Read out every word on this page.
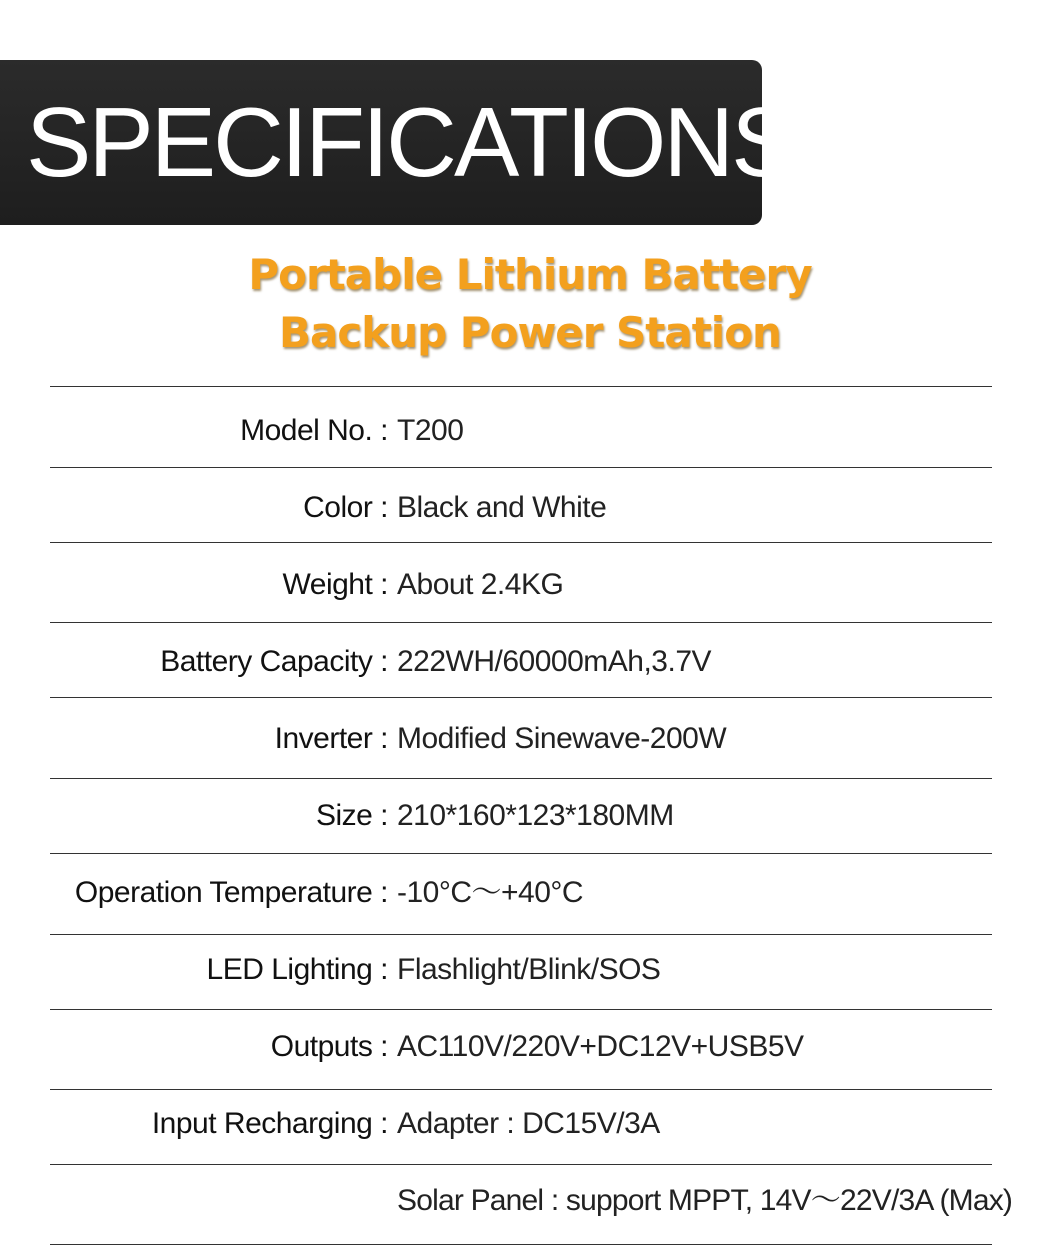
SPECIFICATIONS
Portable Lithium Battery
Backup Power Station
Model No. : T200
Color : Black and White
Weight : About 2.4KG
Battery Capacity : 222WH/60000mAh,3.7V
Inverter : Modified Sinewave-200W
Size : 210*160*123*180MM
Operation Temperature : -10°C～+40°C
LED Lighting : Flashlight/Blink/SOS
Outputs : AC110V/220V+DC12V+USB5V
Input Recharging : Adapter : DC15V/3A
Solar Panel : support MPPT, 14V～22V/3A (Max)
